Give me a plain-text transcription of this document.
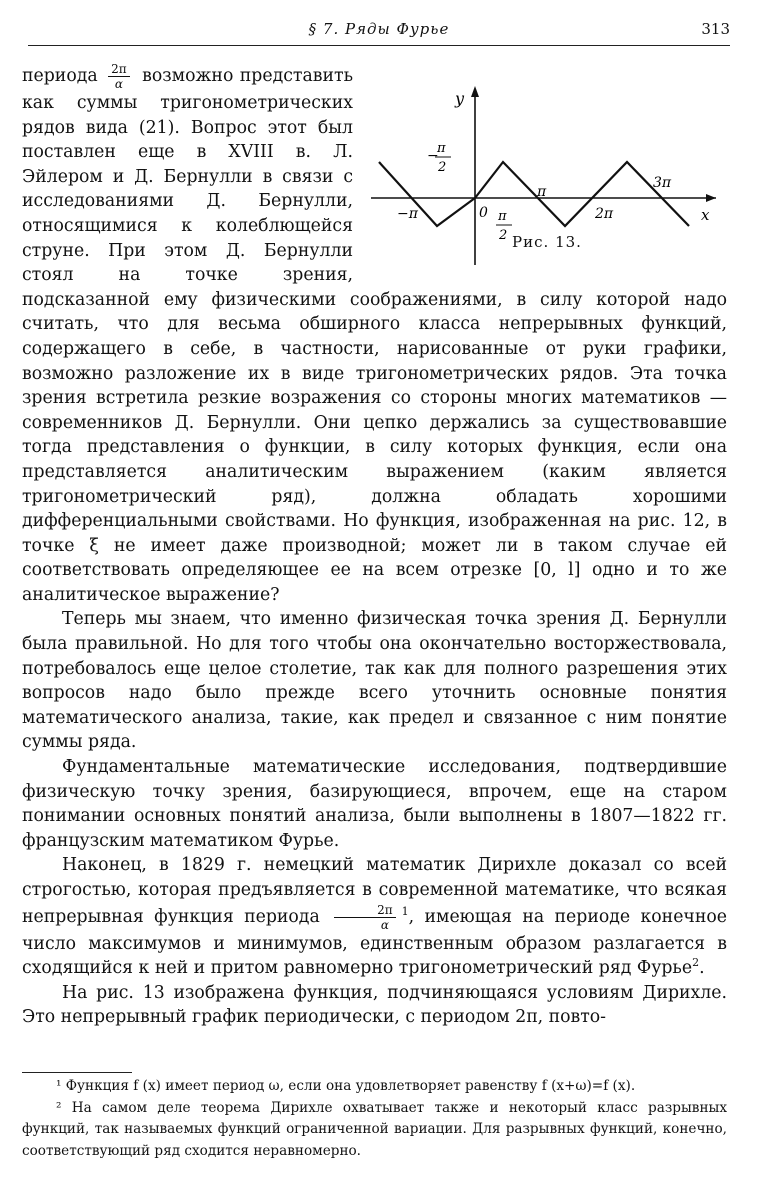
§ 7. Ряды Фурье	313

периода $\frac{2\pi}{\alpha}$

y
x
0
−π
π
2π
3π
−
π
2
π
2 Рис. 13.
возможно представить как суммы тригонометрических рядов вида (21). Вопрос этот был поставлен еще в XVIII в. Л. Эйлером и Д. Бернулли в связи с исследованиями Д. Бернулли, относящимися к колеблющейся струне. При этом Д. Бернулли стоял на точке зрения, подсказанной ему физическими соображениями, в силу которой надо считать, что для весьма обширного класса непрерывных функций, содержащего в себе, в частности, нарисованные от руки графики, возможно разложение их в виде тригонометрических рядов. Эта точка зрения встретила резкие возражения со стороны многих математиков — современников Д. Бернулли. Они цепко держались за существовавшие тогда представления о функции, в силу которых функция, если она представляется аналитическим выражением (каким является тригонометрический ряд), должна обладать хорошими дифференциальными свойствами. Но функция, изображенная на рис. 12, в точке ξ не имеет даже производной; может ли в таком случае ей соответствовать определяющее ее на всем отрезке [0, l] одно и то же аналитическое выражение?

Теперь мы знаем, что именно физическая точка зрения Д. Бернулли была правильной. Но для того чтобы она окончательно восторжествовала, потребовалось еще целое столетие, так как для полного разрешения этих вопросов надо было прежде всего уточнить основные понятия математического анализа, такие, как предел и связанное с ним понятие суммы ряда.

Фундаментальные математические исследования, подтвердившие физическую точку зрения, базирующиеся, впрочем, еще на старом понимании основных понятий анализа, были выполнены в 1807—1822 гг. французским математиком Фурье.

Наконец, в 1829 г. немецкий математик Дирихле доказал со всей строгостью, которая предъявляется в современной математике, что всякая непрерывная функция периода $\frac{2\pi}{\alpha} ^1$, имеющая на периоде конечное число максимумов и минимумов, единственным образом разлагается в сходящийся к ней и притом равномерно тригонометрический ряд Фурье$^2$.

На рис. 13 изображена функция, подчиняющаяся условиям Дирихле. Это непрерывный график периодически, с периодом 2π, повто-

¹ Функция f (x) имеет период ω, если она удовлетворяет равенству f (x+ω)=f (x).

² На самом деле теорема Дирихле охватывает также и некоторый класс разрывных функций, так называемых функций ограниченной вариации. Для разрывных функций, конечно, соответствующий ряд сходится неравномерно.
